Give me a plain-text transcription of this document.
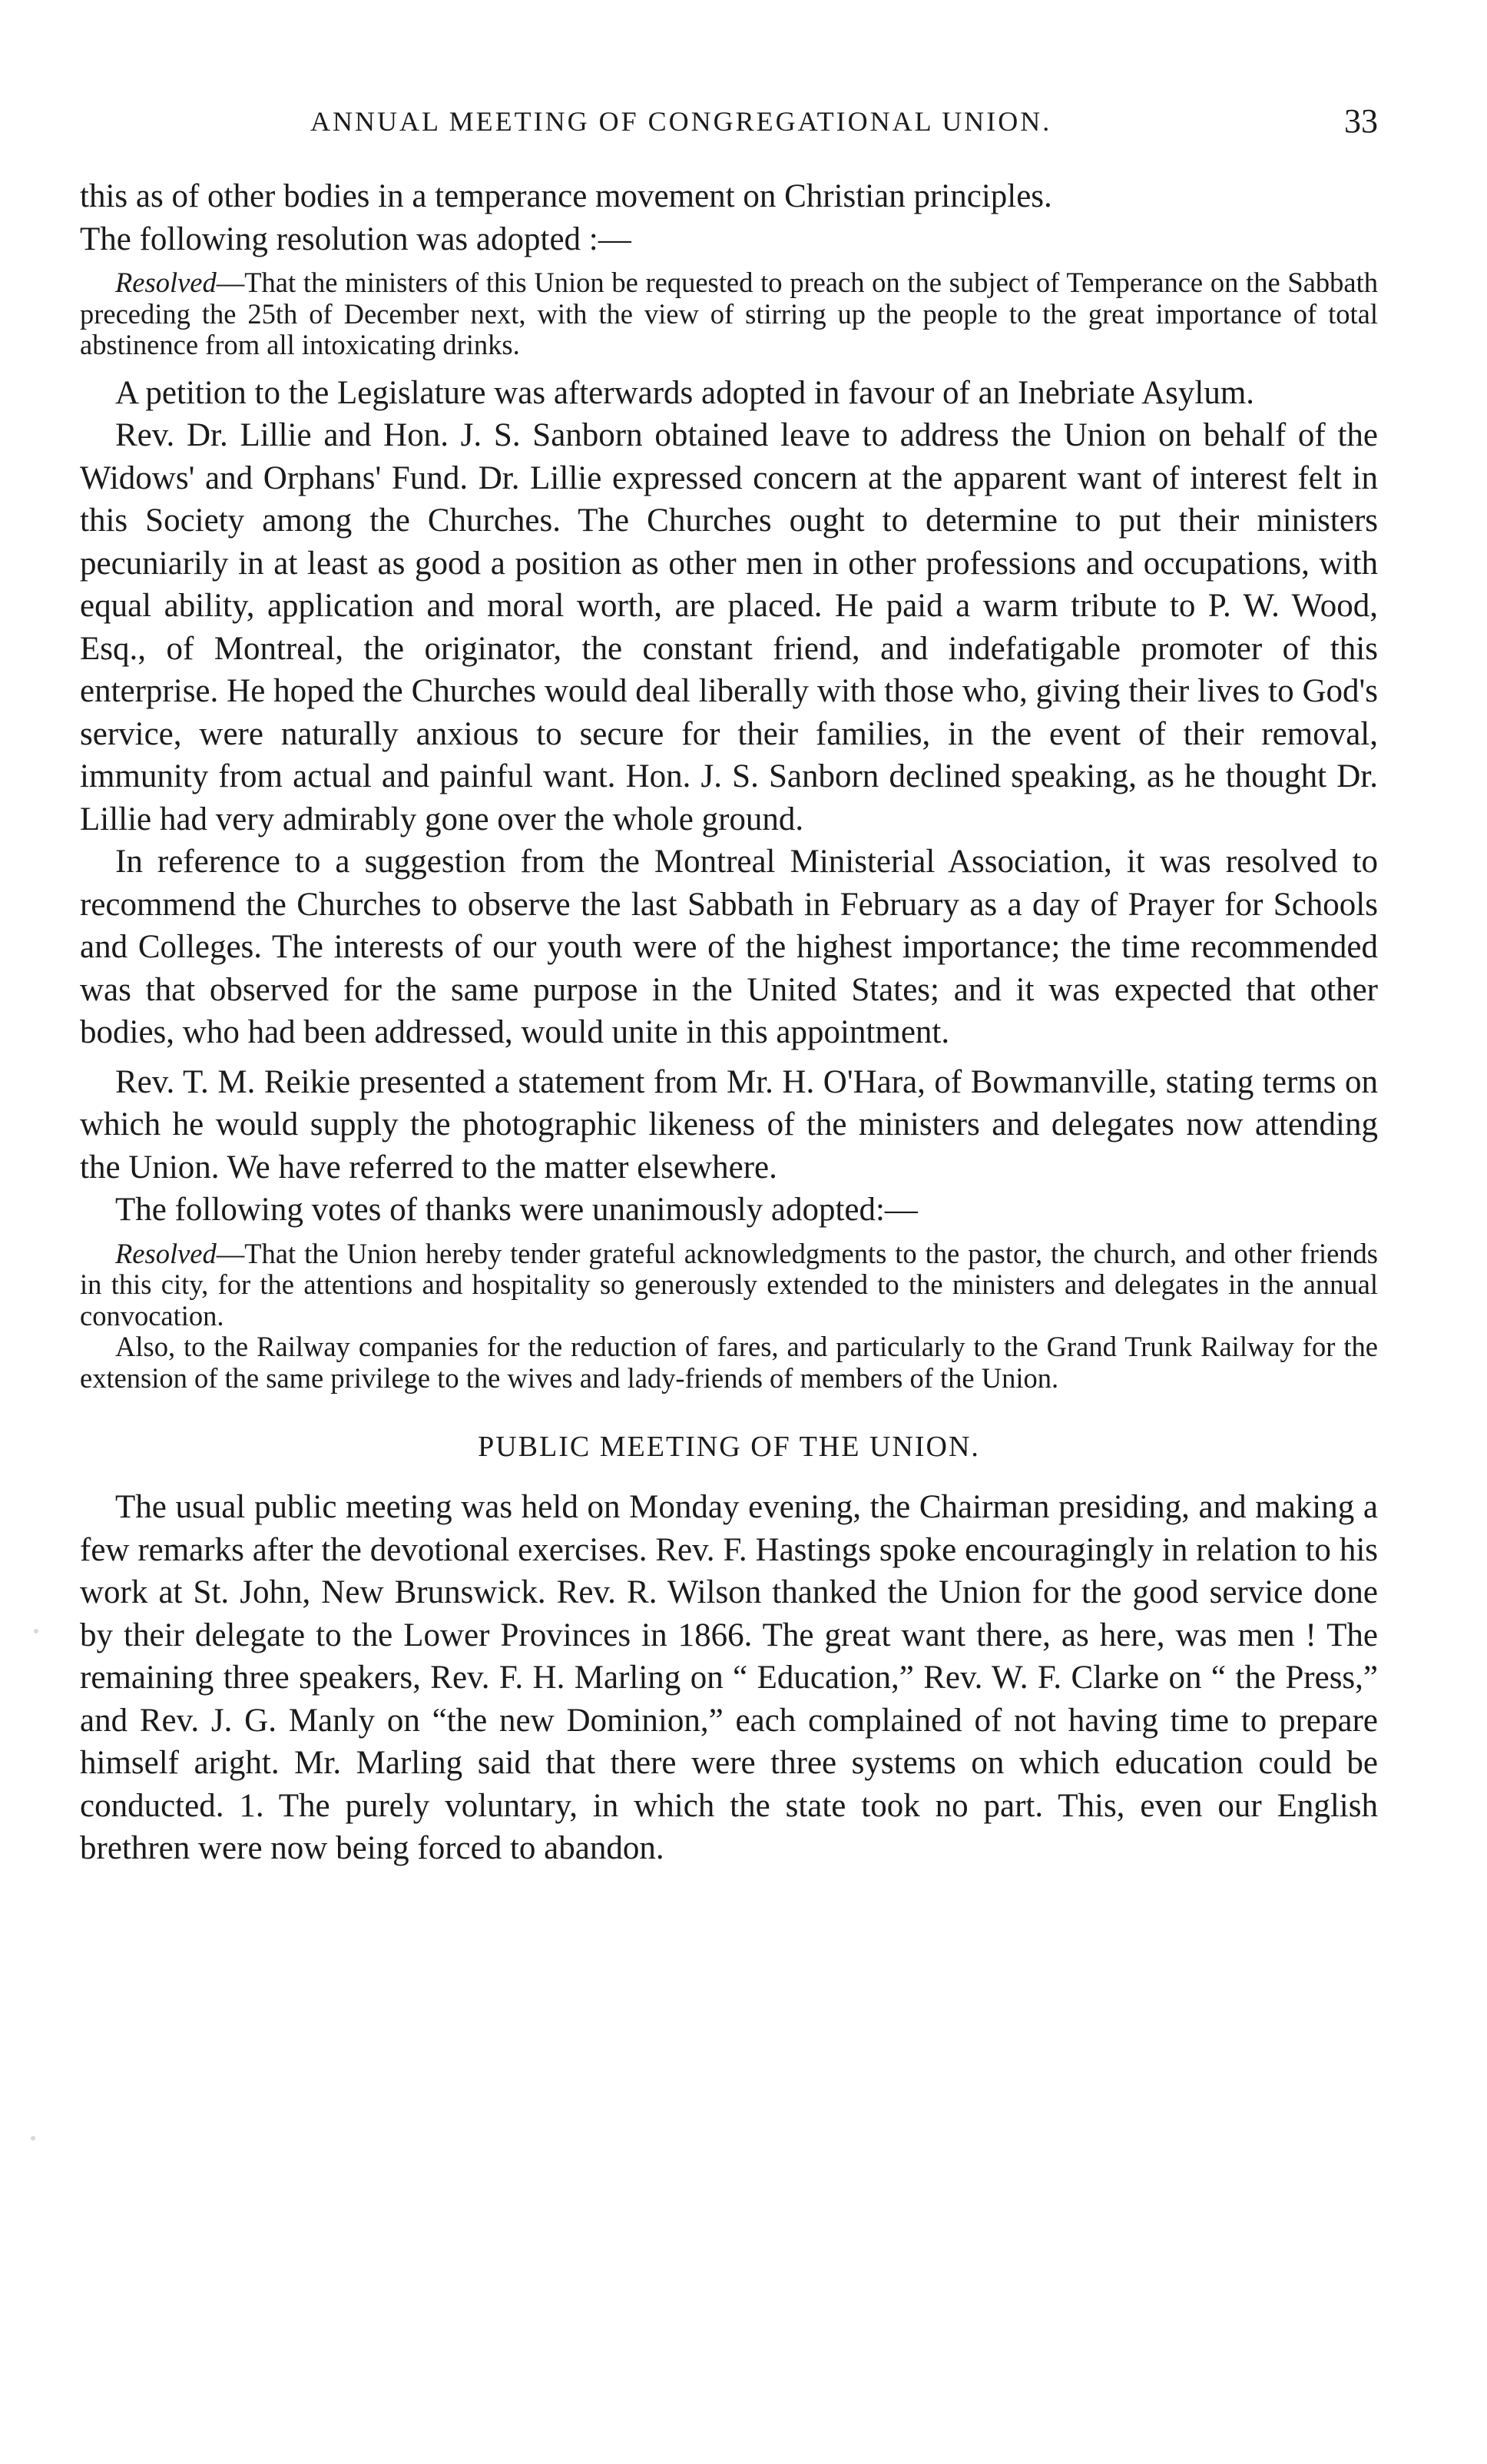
ANNUAL MEETING OF CONGREGATIONAL UNION.	33

this as of other bodies in a temperance movement on Christian principles.

The following resolution was adopted :—

Resolved—That the ministers of this Union be requested to preach on the subject of Temperance on the Sabbath preceding the 25th of December next, with the view of stirring up the people to the great importance of total abstinence from all intoxicating drinks.

A petition to the Legislature was afterwards adopted in favour of an Inebriate Asylum.

Rev. Dr. Lillie and Hon. J. S. Sanborn obtained leave to address the Union on behalf of the Widows' and Orphans' Fund. Dr. Lillie expressed concern at the apparent want of interest felt in this Society among the Churches. The Churches ought to determine to put their ministers pecuniarily in at least as good a position as other men in other professions and occupations, with equal ability, application and moral worth, are placed. He paid a warm tribute to P. W. Wood, Esq., of Montreal, the originator, the constant friend, and indefatigable promoter of this enterprise. He hoped the Churches would deal liberally with those who, giving their lives to God's service, were naturally anxious to secure for their families, in the event of their removal, immunity from actual and painful want. Hon. J. S. Sanborn declined speaking, as he thought Dr. Lillie had very admirably gone over the whole ground.

In reference to a suggestion from the Montreal Ministerial Association, it was resolved to recommend the Churches to observe the last Sabbath in February as a day of Prayer for Schools and Colleges. The interests of our youth were of the highest importance; the time recommended was that observed for the same purpose in the United States; and it was expected that other bodies, who had been addressed, would unite in this appointment.

Rev. T. M. Reikie presented a statement from Mr. H. O'Hara, of Bowmanville, stating terms on which he would supply the photographic likeness of the ministers and delegates now attending the Union. We have referred to the matter elsewhere.

The following votes of thanks were unanimously adopted:—

Resolved—That the Union hereby tender grateful acknowledgments to the pastor, the church, and other friends in this city, for the attentions and hospitality so generously extended to the ministers and delegates in the annual convocation.

Also, to the Railway companies for the reduction of fares, and particularly to the Grand Trunk Railway for the extension of the same privilege to the wives and lady-friends of members of the Union.

PUBLIC MEETING OF THE UNION.

The usual public meeting was held on Monday evening, the Chairman presiding, and making a few remarks after the devotional exercises. Rev. F. Hastings spoke encouragingly in relation to his work at St. John, New Brunswick. Rev. R. Wilson thanked the Union for the good service done by their delegate to the Lower Provinces in 1866. The great want there, as here, was men ! The remaining three speakers, Rev. F. H. Marling on “ Education,” Rev. W. F. Clarke on “ the Press,” and Rev. J. G. Manly on “the new Dominion,” each complained of not having time to prepare himself aright. Mr. Marling said that there were three systems on which education could be conducted. 1. The purely voluntary, in which the state took no part. This, even our English brethren were now being forced to abandon.
